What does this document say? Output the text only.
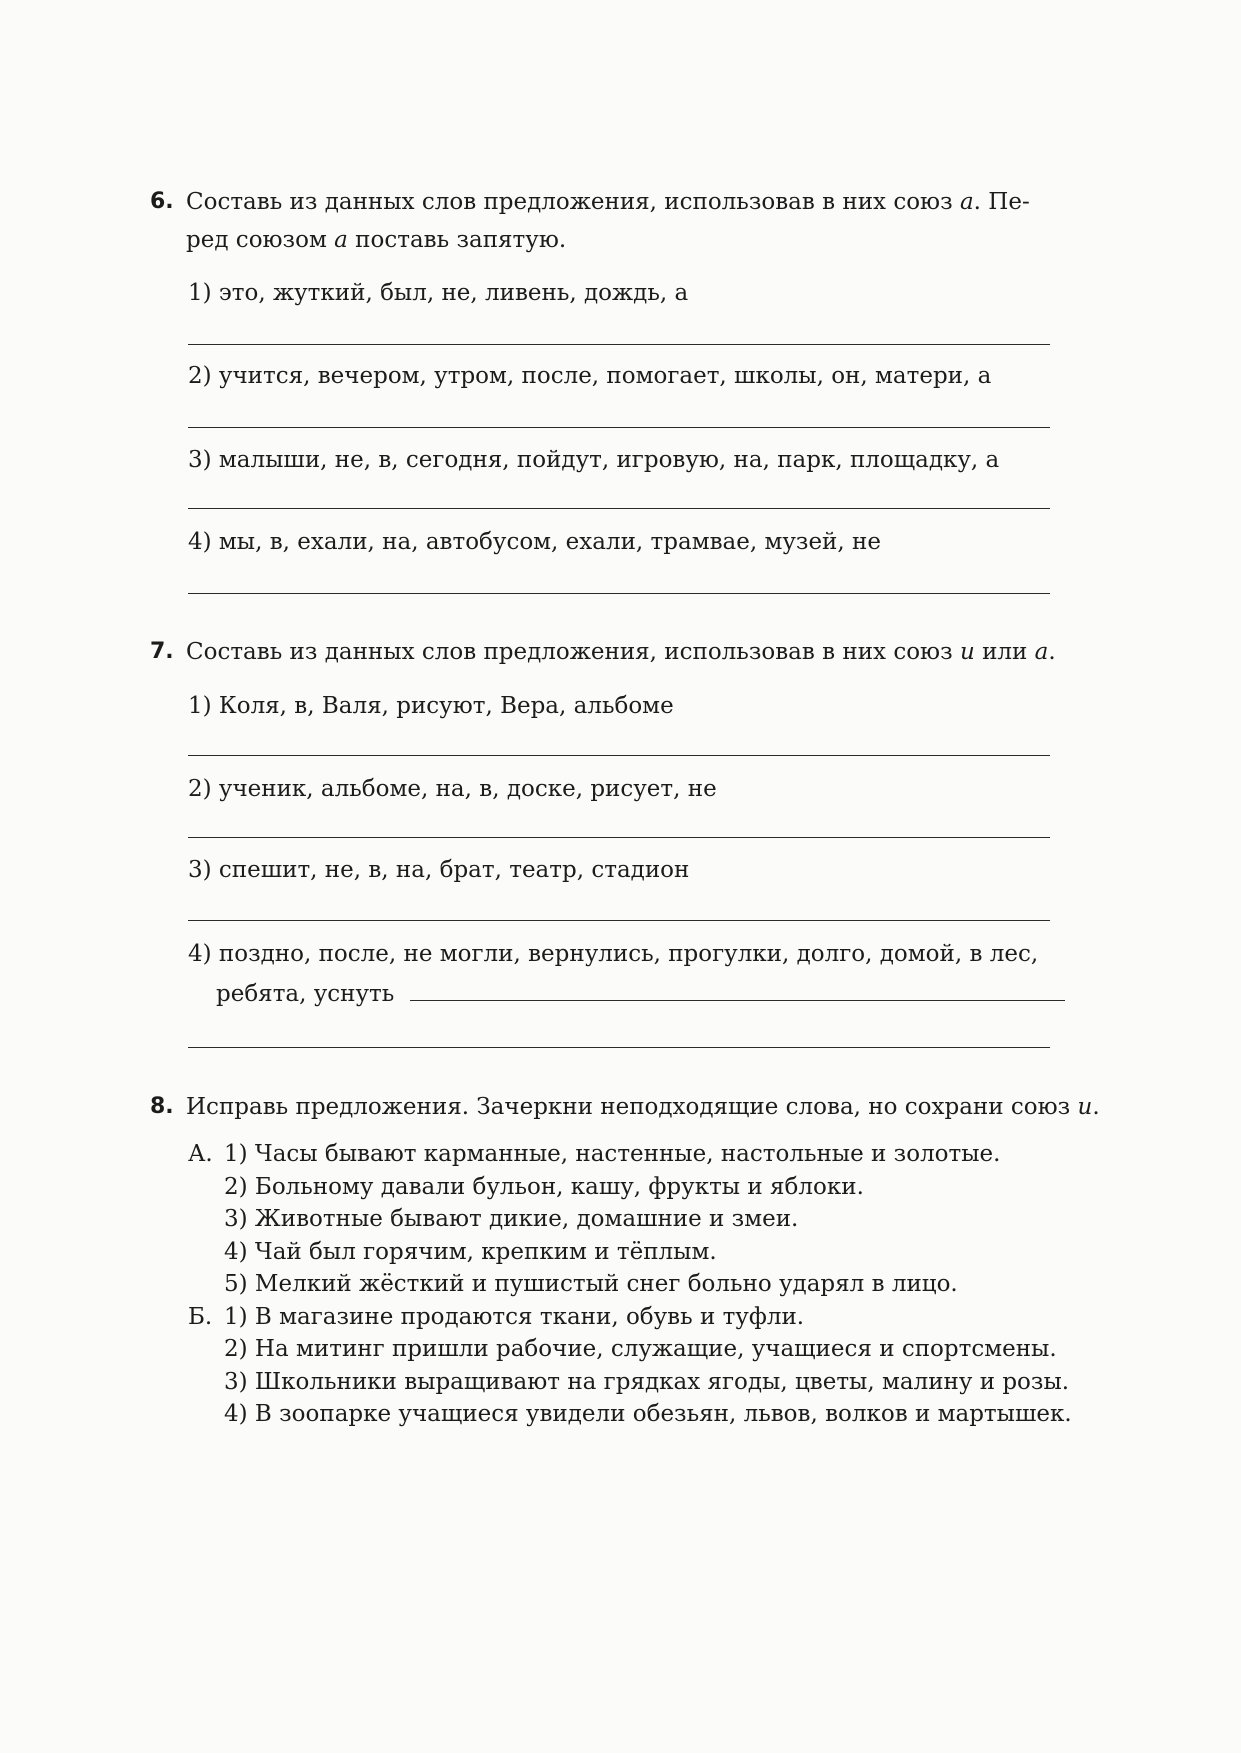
6. Составь из данных слов предложения, использовав в них союз а. Пе-
ред союзом а поставь запятую.
1) это, жуткий, был, не, ливень, дождь, а
2) учится, вечером, утром, после, помогает, школы, он, матери, а
3) малыши, не, в, сегодня, пойдут, игровую, на, парк, площадку, а
4) мы, в, ехали, на, автобусом, ехали, трамвае, музей, не
7. Составь из данных слов предложения, использовав в них союз и или а.
1) Коля, в, Валя, рисуют, Вера, альбоме
2) ученик, альбоме, на, в, доске, рисует, не
3) спешит, не, в, на, брат, театр, стадион
4) поздно, после, не могли, вернулись, прогулки, долго, домой, в лес,
ребята, уснуть
8. Исправь предложения. Зачеркни неподходящие слова, но сохрани союз и.
А. 1) Часы бывают карманные, настенные, настольные и золотые.
2) Больному давали бульон, кашу, фрукты и яблоки.
3) Животные бывают дикие, домашние и змеи.
4) Чай был горячим, крепким и тёплым.
5) Мелкий жёсткий и пушистый снег больно ударял в лицо.
Б. 1) В магазине продаются ткани, обувь и туфли.
2) На митинг пришли рабочие, служащие, учащиеся и спортсмены.
3) Школьники выращивают на грядках ягоды, цветы, малину и розы.
4) В зоопарке учащиеся увидели обезьян, львов, волков и мартышек.
